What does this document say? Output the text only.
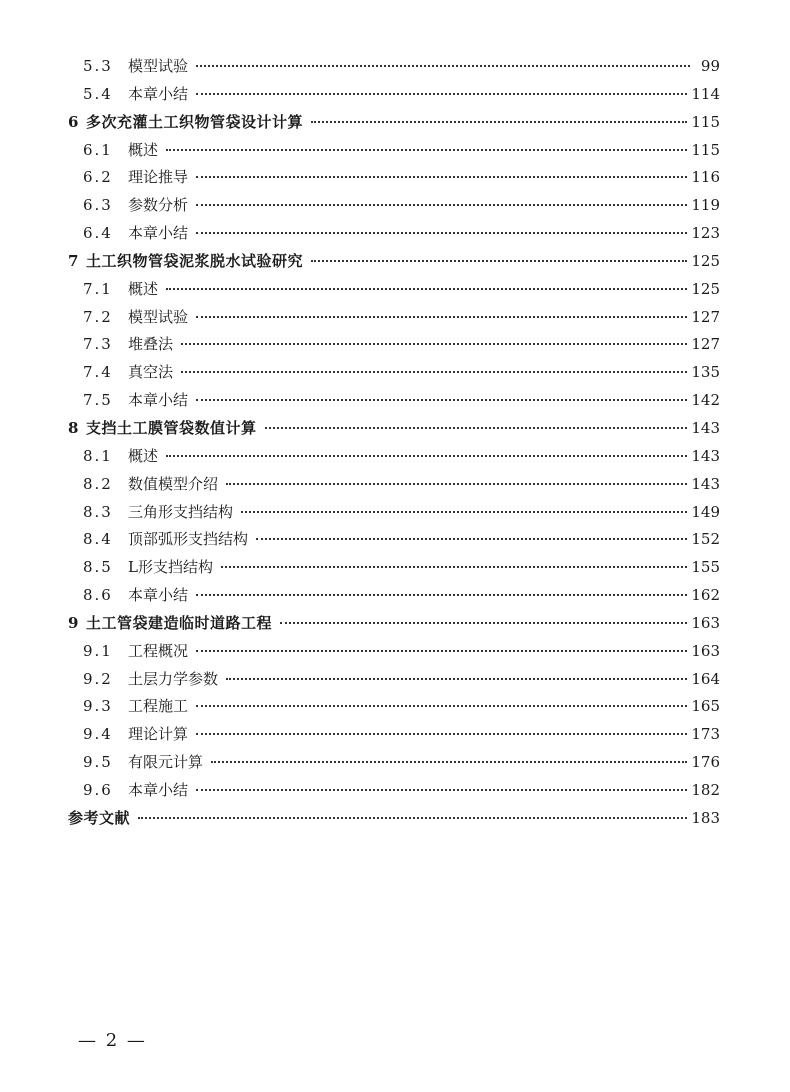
5.3	模型试验	99
5.4	本章小结	114
6 多次充灌土工织物管袋设计计算	115
6.1	概述	115
6.2	理论推导	116
6.3	参数分析	119
6.4	本章小结	123
7 土工织物管袋泥浆脱水试验研究	125
7.1	概述	125
7.2	模型试验	127
7.3	堆叠法	127
7.4	真空法	135
7.5	本章小结	142
8 支挡土工膜管袋数值计算	143
8.1	概述	143
8.2	数值模型介绍	143
8.3	三角形支挡结构	149
8.4	顶部弧形支挡结构	152
8.5	L形支挡结构	155
8.6	本章小结	162
9 土工管袋建造临时道路工程	163
9.1	工程概况	163
9.2	土层力学参数	164
9.3	工程施工	165
9.4	理论计算	173
9.5	有限元计算	176
9.6	本章小结	182
参考文献	183
— 2 —
